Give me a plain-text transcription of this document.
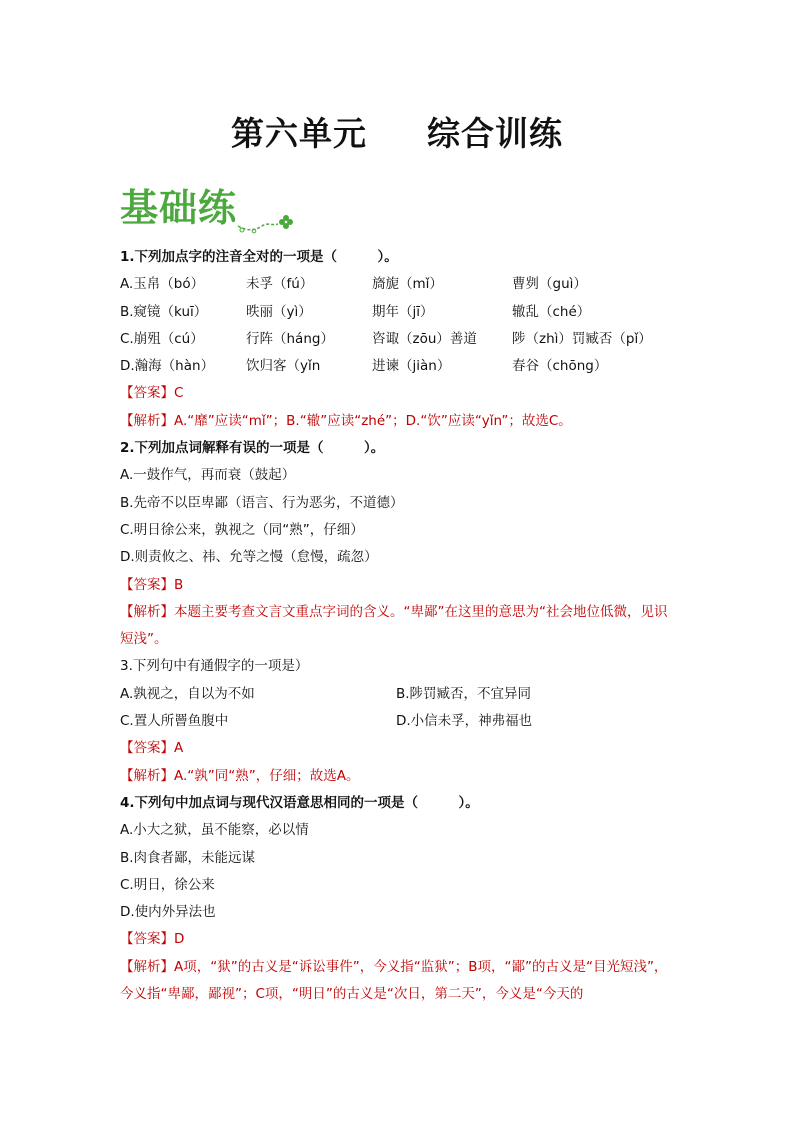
第六单元 综合训练
基础练
1.下列加点字的注音全对的一项是（　　　）。
A.玉帛（bó）	未孚（fú）	旖旎（mǐ）	曹刿（guì）
B.窥镜（kuī）	昳丽（yì）	期年（jī）	辙乱（ché）
C.崩殂（cú）	行阵（háng）	咨诹（zōu）善道	陟（zhì）罚臧否（pǐ）
D.瀚海（hàn） 饮归客（yǐn	进谏（jiàn）	春谷（chōng）
【答案】C
【解析】A.“靡”应读“mǐ”；B.“辙”应读“zhé”；D.“饮”应读“yǐn”；故选C。
2.下列加点词解释有误的一项是（　　　）。
A.一鼓作气，再而衰（鼓起）
B.先帝不以臣卑鄙（语言、行为恶劣，不道德）
C.明日徐公来，孰视之（同“熟”，仔细）
D.则责攸之、祎、允等之慢（怠慢，疏忽）
【答案】B
【解析】本题主要考查文言文重点字词的含义。“卑鄙”在这里的意思为“社会地位低微，见识短浅”。
3.下列句中有通假字的一项是）
A.孰视之，自以为不如	B.陟罚臧否，不宜异同
C.置人所罾鱼腹中	D.小信未孚，神弗福也
【答案】A
【解析】A.“孰”同“熟”，仔细；故选A。
4.下列句中加点词与现代汉语意思相同的一项是（　　　）。
A.小大之狱，虽不能察，必以情
B.肉食者鄙，未能远谋
C.明日，徐公来
D.使内外异法也
【答案】D
【解析】A项，“狱”的古义是“诉讼事件”，今义指“监狱”；B项，“鄙”的古义是“目光短浅”，今义指“卑鄙，鄙视”；C项，“明日”的古义是“次日，第二天”，今义是“今天的
